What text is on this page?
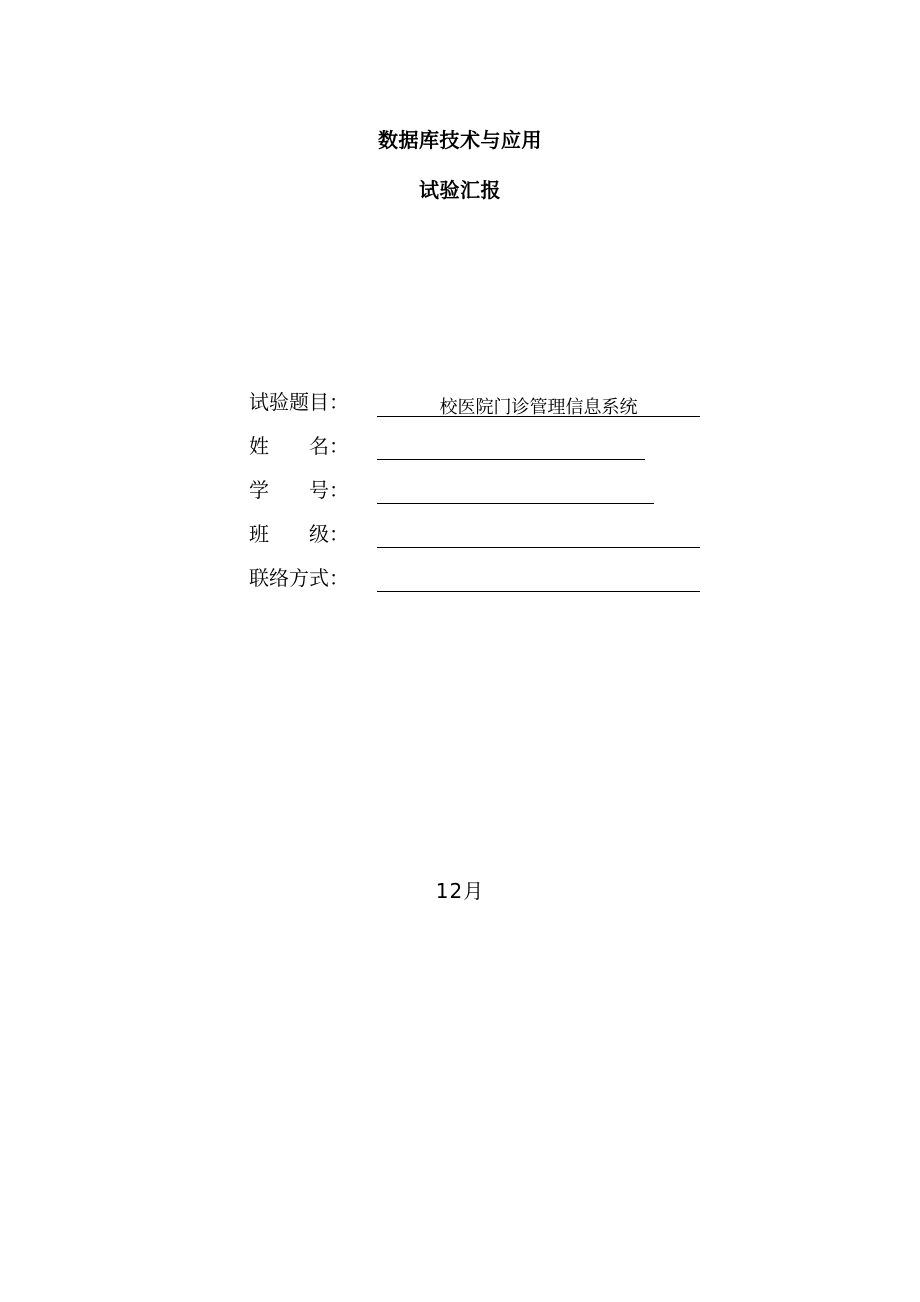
数据库技术与应用
试验汇报
试验题目：	校医院门诊管理信息系统
姓　　名：
学　　号：
班　　级：
联络方式：
12月
